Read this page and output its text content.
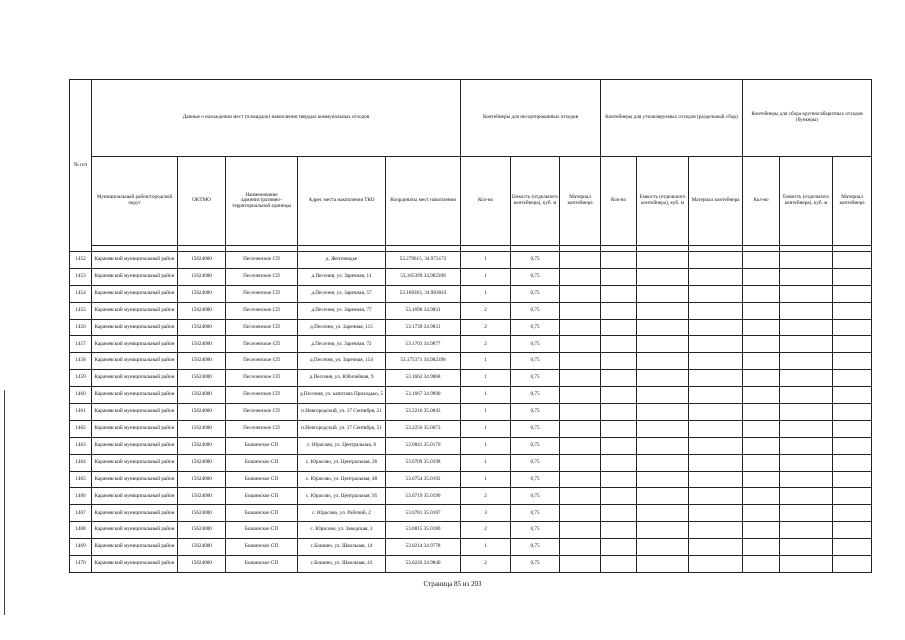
№ п/п	Данные о нахождении мест (площадок) накопления твердых коммунальных отходов					Контейнеры для несортированных отходов			Контейнеры для утилизируемых отходов (раздельный сбор)			Контейнеры для сбора крупногабаритных отходов (бункеры)		
	Муниципальный район/городской округ	ОКТМО	Наименование административно-территориальной единицы	Адрес места накопления ТКО	Координаты мест накопления	Кол-во	Емкость (отдельного контейнера), куб. м	Материал контейнера	Кол-во	Емкость (отдельного контейнера), куб. м	Материал контейнера	Кол-во	Емкость (отдельного контейнера), куб. м	Материал контейнера

1452	Карачевский муниципальный район	15624000	Песоченское СП	д. Желтоводье	53.279615, 34.973172	1	0,75							
1453	Карачевский муниципальный район	15624000	Песоченское СП	д.Песочня, ул. Заречная, 11	53,165399 34,982398	1	0,75							
1454	Карачевский муниципальный район	15624000	Песоченское СП	д.Песочня, ул. Заречная, 57	53.168363, 34.983043	1	0,75							
1455	Карачевский муниципальный район	15624000	Песоченское СП	д.Песочня, ул. Заречная, 77	53.1698 34.9831	2	0,75							
1456	Карачевский муниципальный район	15624000	Песоченское СП	д.Песочня, ул. Заречная, 115	53.1739 34.9831	2	0,75							
1457	Карачевский муниципальный район	15624000	Песоченское СП	д.Песочня, ул. Заречная, 72	53.1703 34.9877	2	0,75							
1458	Карачевский муниципальный район	15624000	Песоченское СП	д.Песочня, ул. Заречная, 154	53,175371 34,982398	1	0,75							
1459	Карачевский муниципальный район	15624000	Песоченское СП	д.Песочня, ул. Юбилейная, 9	53.1662 34.9868	1	0,75							
1460	Карачевский муниципальный район	15624000	Песоченское СП	д.Песочня, ул. капитана Приходько, 5	53.1667 34.9890	1	0,75							
1461	Карачевский муниципальный район	15624000	Песоченское СП	п.Новгородский, ул. 17 Сентября, 21	53.2216 35.0043	1	0,75							
1462	Карачевский муниципальный район	15624000	Песоченское СП	п.Новгородский, ул. 17 Сентября, 51	53.2256 35.0073	1	0,75							
1463	Карачевский муниципальный район	15624000	Бошинское СП	с. Юрасово, ул. Центральная, 8	53.0841 35.0170	1	0,75							
1464	Карачевский муниципальный район	15624000	Бошинское СП	с. Юрасово, ул. Центральная, 26	53.0709 35.0198	1	0,75							
1465	Карачевский муниципальный район	15624000	Бошинское СП	с. Юрасово, ул. Центральная, 48	53.0754 35.0192	1	0,75							
1466	Карачевский муниципальный район	15624000	Бошинское СП	с. Юрасово, ул. Центральная, 95	53.0719 35.0190	2	0,75							
1467	Карачевский муниципальный район	15624000	Бошинское СП	с. Юрасово, ул. Рабочий, 2	53.0781 35.0187	3	0,75							
1468	Карачевский муниципальный район	15624000	Бошинское СП	с. Юрасово, ул. Заводская, 2	53.0815 35.0180	2	0,75							
1469	Карачевский муниципальный район	15624000	Бошинское СП	с.Бошино, ул. Школьная, 14	53.0214 34.9778	1	0,75							
1470	Карачевский муниципальный район	15624000	Бошинское СП	с.Бошино, ул. Школьная, 43	53.0226 34.9840	2	0,75							
Страница 85 из 203
